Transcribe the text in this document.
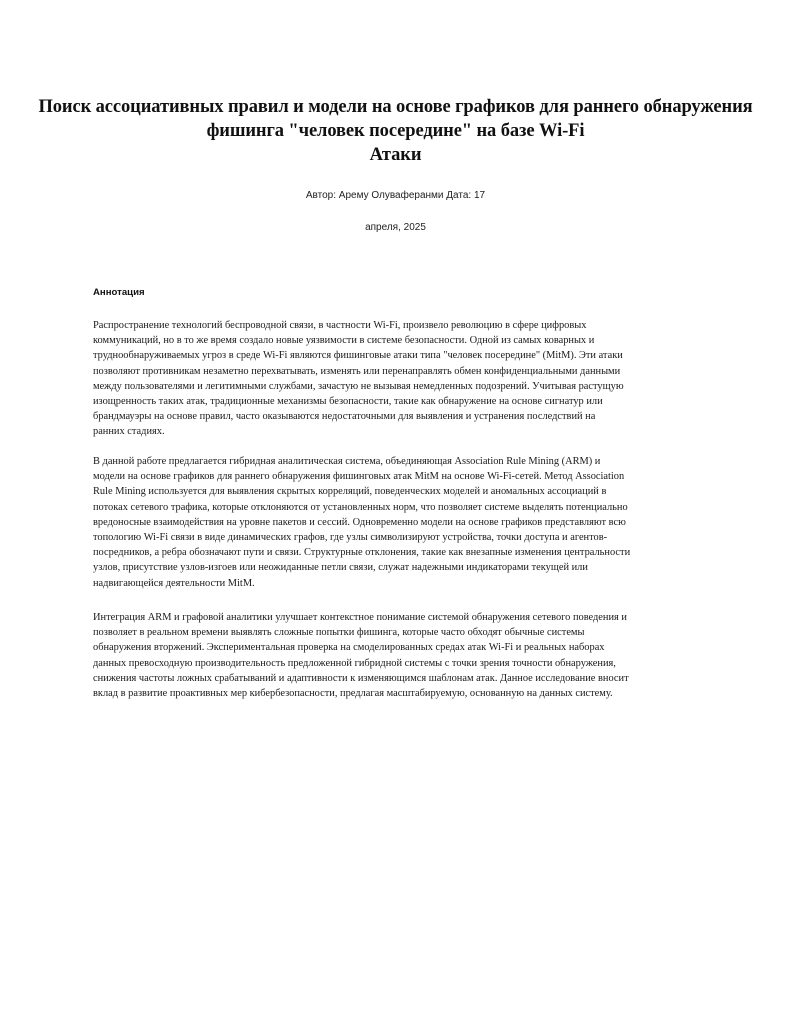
Поиск ассоциативных правил и модели на основе графиков для раннего обнаружения
фишинга "человек посередине" на базе Wi-Fi
Атаки
Автор: Арему Олуваферанми Дата: 17
апреля, 2025
Аннотация

Распространение технологий беспроводной связи, в частности Wi-Fi, произвело революцию в сфере цифровых
коммуникаций, но в то же время создало новые уязвимости в системе безопасности. Одной из самых коварных и
труднообнаруживаемых угроз в среде Wi-Fi являются фишинговые атаки типа "человек посередине" (MitM). Эти атаки
позволяют противникам незаметно перехватывать, изменять или перенаправлять обмен конфиденциальными данными
между пользователями и легитимными службами, зачастую не вызывая немедленных подозрений. Учитывая растущую
изощренность таких атак, традиционные механизмы безопасности, такие как обнаружение на основе сигнатур или
брандмауэры на основе правил, часто оказываются недостаточными для выявления и устранения последствий на
ранних стадиях.

В данной работе предлагается гибридная аналитическая система, объединяющая Association Rule Mining (ARM) и
модели на основе графиков для раннего обнаружения фишинговых атак MitM на основе Wi-Fi-сетей. Метод Association
Rule Mining используется для выявления скрытых корреляций, поведенческих моделей и аномальных ассоциаций в
потоках сетевого трафика, которые отклоняются от установленных норм, что позволяет системе выделять потенциально
вредоносные взаимодействия на уровне пакетов и сессий. Одновременно модели на основе графиков представляют всю
топологию Wi-Fi связи в виде динамических графов, где узлы символизируют устройства, точки доступа и агентов-
посредников, а ребра обозначают пути и связи. Структурные отклонения, такие как внезапные изменения центральности
узлов, присутствие узлов-изгоев или неожиданные петли связи, служат надежными индикаторами текущей или
надвигающейся деятельности MitM.

Интеграция ARM и графовой аналитики улучшает контекстное понимание системой обнаружения сетевого поведения и
позволяет в реальном времени выявлять сложные попытки фишинга, которые часто обходят обычные системы
обнаружения вторжений. Экспериментальная проверка на смоделированных средах атак Wi-Fi и реальных наборах
данных превосходную производительность предложенной гибридной системы с точки зрения точности обнаружения,
снижения частоты ложных срабатываний и адаптивности к изменяющимся шаблонам атак. Данное исследование вносит
вклад в развитие проактивных мер кибербезопасности, предлагая масштабируемую, основанную на данных систему.
